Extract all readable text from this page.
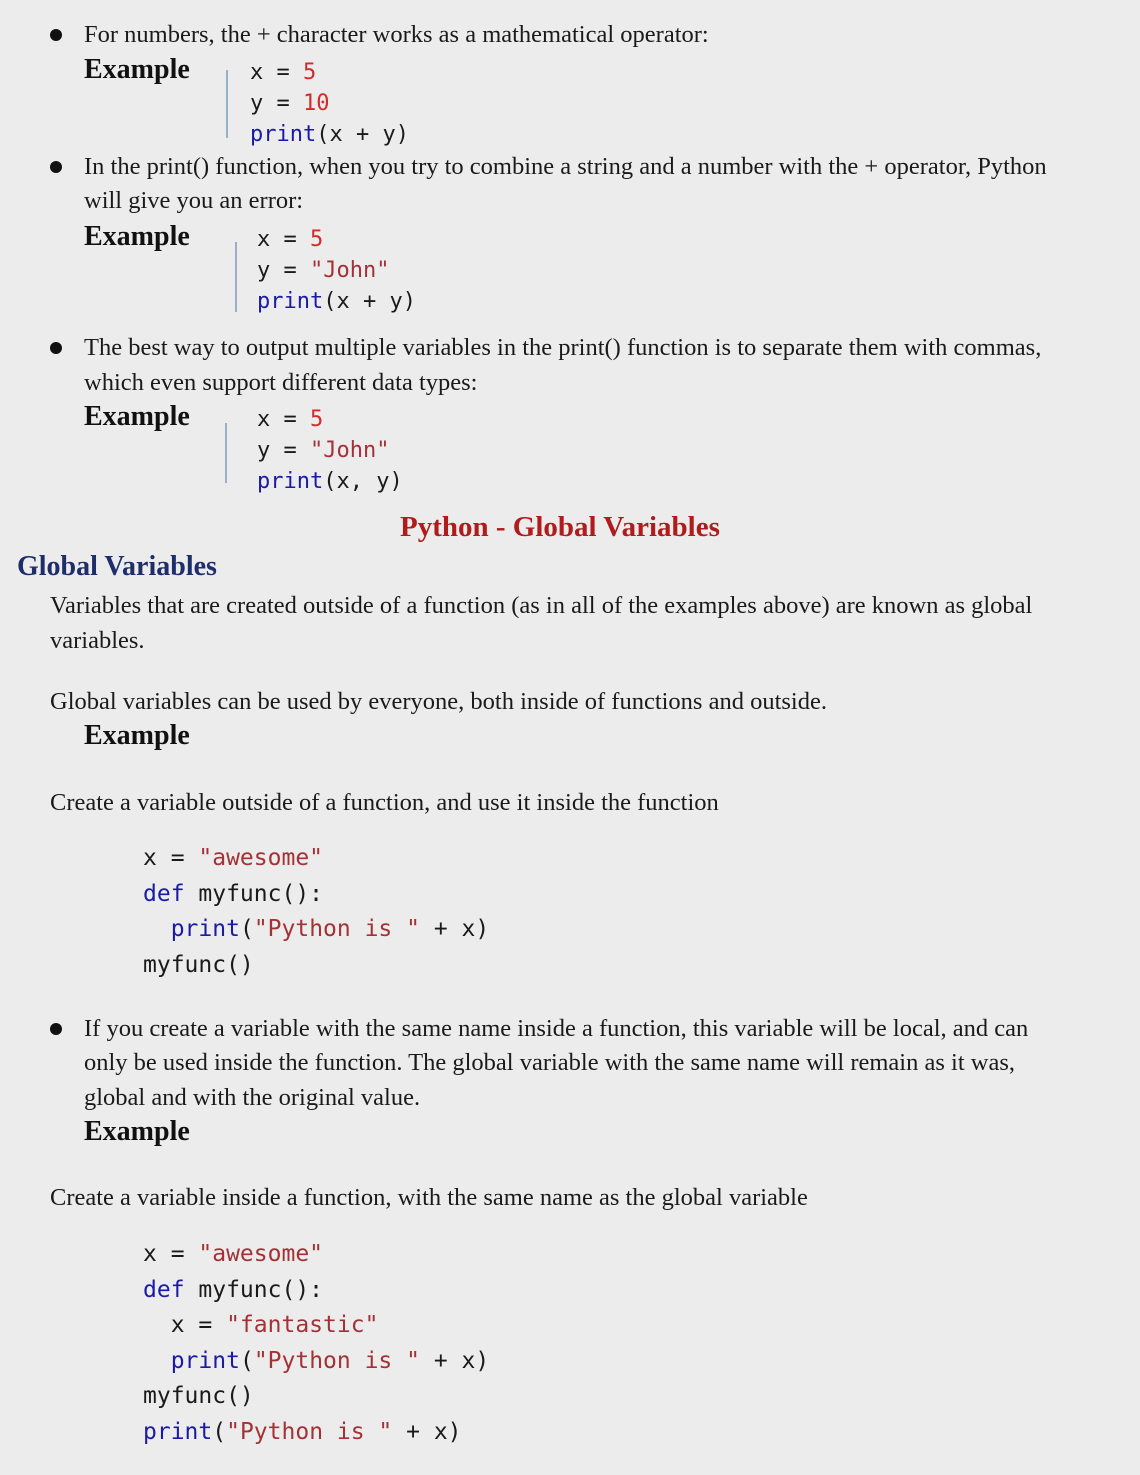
For numbers, the + character works as a mathematical operator:
Example	x = 5
y = 10
print(x + y)
In the print() function, when you try to combine a string and a number with the + operator, Python
will give you an error:
Example	x = 5
y = "John"
print(x + y)
The best way to output multiple variables in the print() function is to separate them with commas,
which even support different data types:
Example	x = 5
y = "John"
print(x, y)
Python - Global Variables
Global Variables
Variables that are created outside of a function (as in all of the examples above) are known as global
variables.
Global variables can be used by everyone, both inside of functions and outside.
Example
Create a variable outside of a function, and use it inside the function
x = "awesome"
def myfunc():
print("Python is " + x)
myfunc()
If you create a variable with the same name inside a function, this variable will be local, and can
only be used inside the function. The global variable with the same name will remain as it was,
global and with the original value.
Example
Create a variable inside a function, with the same name as the global variable
x = "awesome"
def myfunc():
x = "fantastic"
print("Python is " + x)
myfunc()
print("Python is " + x)
